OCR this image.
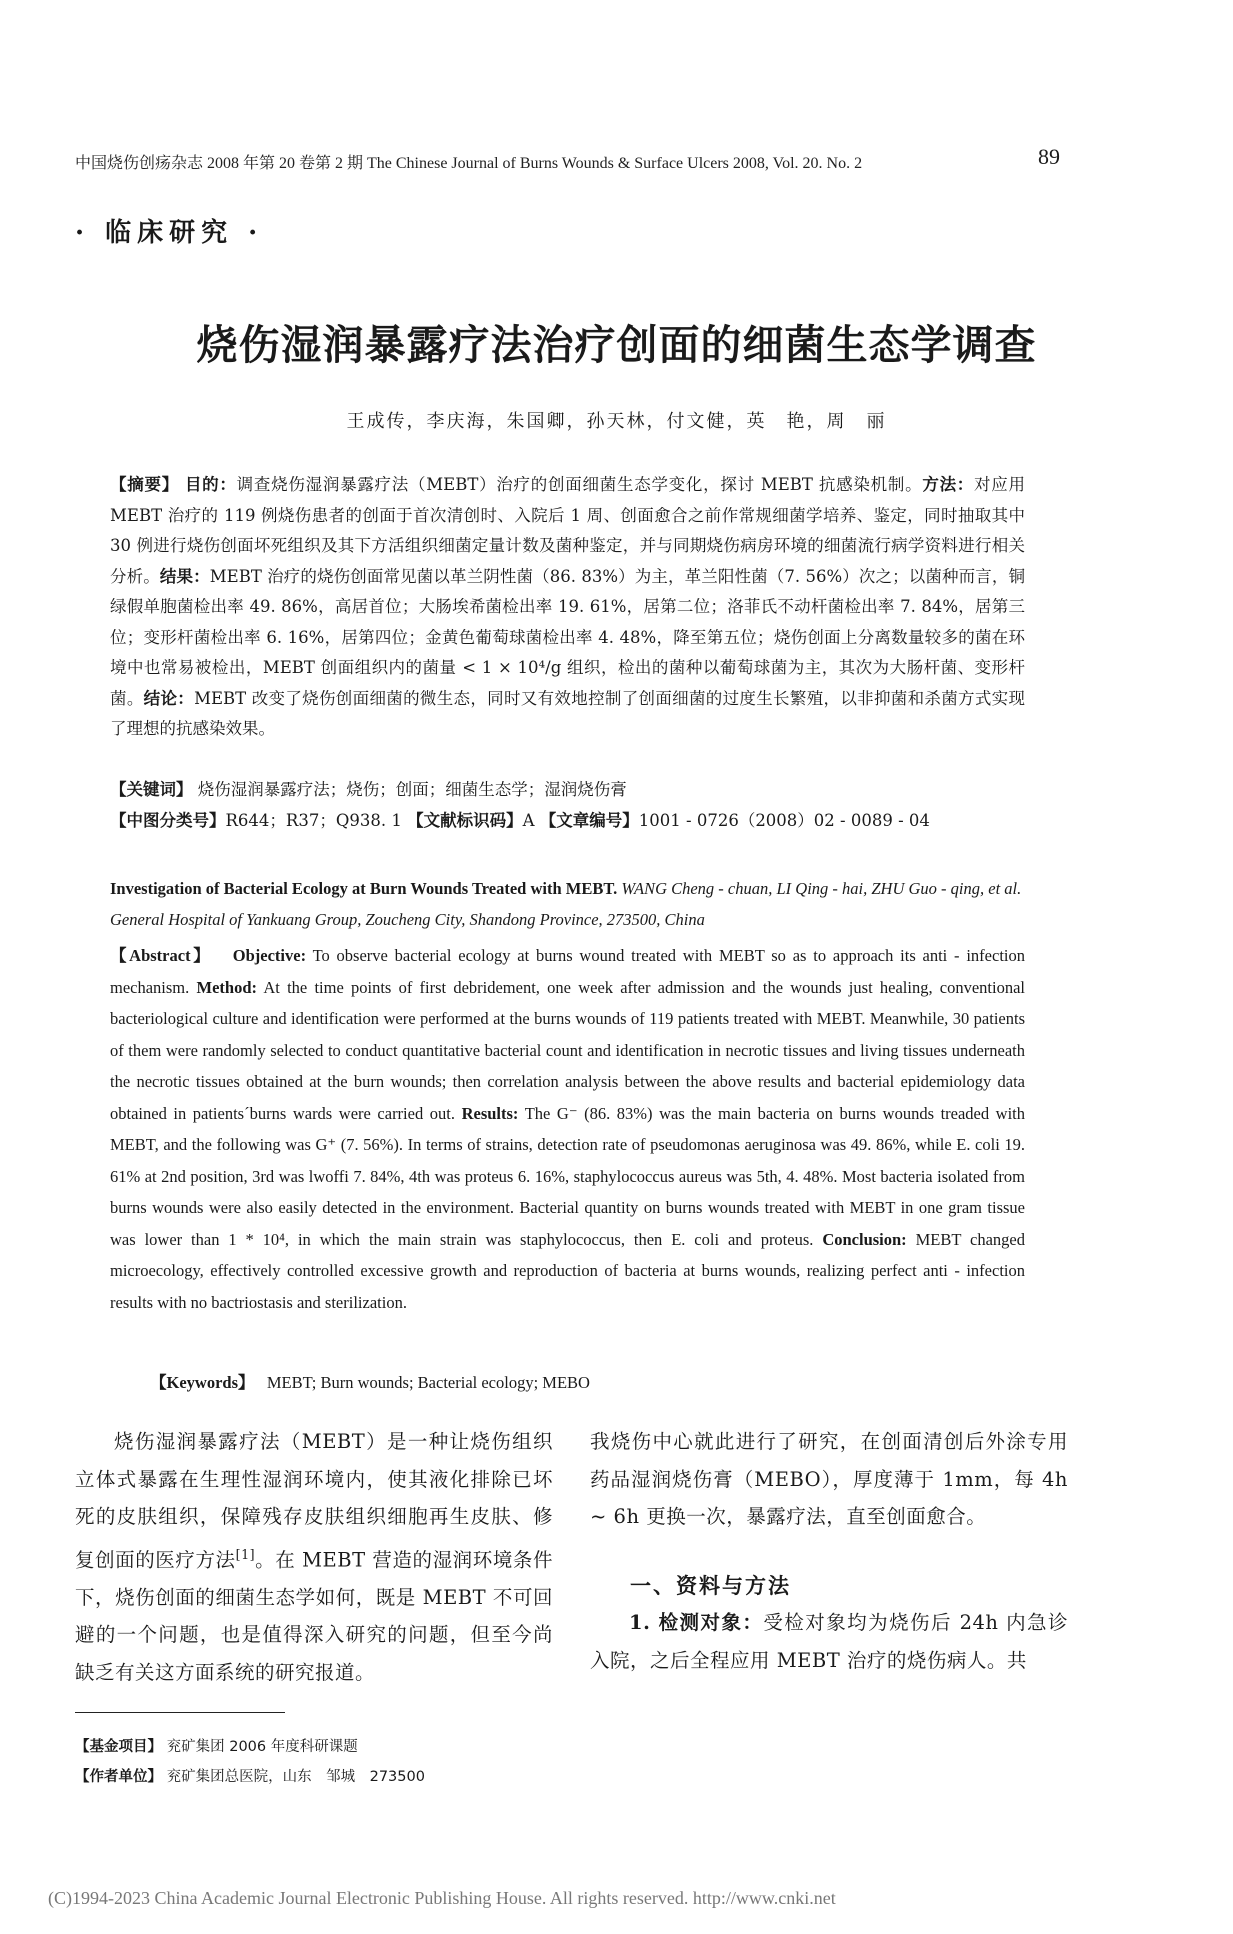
中国烧伤创疡杂志 2008 年第 20 卷第 2 期 The Chinese Journal of Burns Wounds & Surface Ulcers 2008, Vol. 20. No. 2	89
· 临床研究 ·
烧伤湿润暴露疗法治疗创面的细菌生态学调查
王成传，李庆海，朱国卿，孙天林，付文健，英　艳，周　丽
【摘要】 目的：调查烧伤湿润暴露疗法（MEBT）治疗的创面细菌生态学变化，探讨 MEBT 抗感染机制。方法：对应用 MEBT 治疗的 119 例烧伤患者的创面于首次清创时、入院后 1 周、创面愈合之前作常规细菌学培养、鉴定，同时抽取其中 30 例进行烧伤创面坏死组织及其下方活组织细菌定量计数及菌种鉴定，并与同期烧伤病房环境的细菌流行病学资料进行相关分析。结果：MEBT 治疗的烧伤创面常见菌以革兰阴性菌（86. 83%）为主，革兰阳性菌（7. 56%）次之；以菌种而言，铜绿假单胞菌检出率 49. 86%，高居首位；大肠埃希菌检出率 19. 61%，居第二位；洛菲氏不动杆菌检出率 7. 84%，居第三位；变形杆菌检出率 6. 16%，居第四位；金黄色葡萄球菌检出率 4. 48%，降至第五位；烧伤创面上分离数量较多的菌在环境中也常易被检出，MEBT 创面组织内的菌量 < 1 × 10⁴/g 组织，检出的菌种以葡萄球菌为主，其次为大肠杆菌、变形杆菌。结论：MEBT 改变了烧伤创面细菌的微生态，同时又有效地控制了创面细菌的过度生长繁殖，以非抑菌和杀菌方式实现了理想的抗感染效果。
【关键词】 烧伤湿润暴露疗法；烧伤；创面；细菌生态学；湿润烧伤膏
【中图分类号】R644；R37；Q938. 1 【文献标识码】A 【文章编号】1001 - 0726（2008）02 - 0089 - 04
Investigation of Bacterial Ecology at Burn Wounds Treated with MEBT. WANG Cheng - chuan, LI Qing - hai, ZHU Guo - qing, et al. General Hospital of Yankuang Group, Zoucheng City, Shandong Province, 273500, China
【Abstract】 Objective: To observe bacterial ecology at burns wound treated with MEBT so as to approach its anti - infection mechanism. Method: At the time points of first debridement, one week after admission and the wounds just healing, conventional bacteriological culture and identification were performed at the burns wounds of 119 patients treated with MEBT. Meanwhile, 30 patients of them were randomly selected to conduct quantitative bacterial count and identification in necrotic tissues and living tissues underneath the necrotic tissues obtained at the burn wounds; then correlation analysis between the above results and bacterial epidemiology data obtained in patients´burns wards were carried out. Results: The G⁻ (86. 83%) was the main bacteria on burns wounds treaded with MEBT, and the following was G⁺ (7. 56%). In terms of strains, detection rate of pseudomonas aeruginosa was 49. 86%, while E. coli 19. 61% at 2nd position, 3rd was lwoffi 7. 84%, 4th was proteus 6. 16%, staphylococcus aureus was 5th, 4. 48%. Most bacteria isolated from burns wounds were also easily detected in the environment. Bacterial quantity on burns wounds treated with MEBT in one gram tissue was lower than 1 * 10⁴, in which the main strain was staphylococcus, then E. coli and proteus. Conclusion: MEBT changed microecology, effectively controlled excessive growth and reproduction of bacteria at burns wounds, realizing perfect anti - infection results with no bactriostasis and sterilization.
【Keywords】 MEBT; Burn wounds; Bacterial ecology; MEBO
烧伤湿润暴露疗法（MEBT）是一种让烧伤组织立体式暴露在生理性湿润环境内，使其液化排除已坏死的皮肤组织，保障残存皮肤组织细胞再生皮肤、修复创面的医疗方法[1]。在 MEBT 营造的湿润环境条件下，烧伤创面的细菌生态学如何，既是 MEBT 不可回避的一个问题，也是值得深入研究的问题，但至今尚缺乏有关这方面系统的研究报道。
我烧伤中心就此进行了研究，在创面清创后外涂专用药品湿润烧伤膏（MEBO），厚度薄于 1mm，每 4h ~ 6h 更换一次，暴露疗法，直至创面愈合。
一、资料与方法
1. 检测对象：受检对象均为烧伤后 24h 内急诊入院，之后全程应用 MEBT 治疗的烧伤病人。共
【基金项目】 兖矿集团 2006 年度科研课题
【作者单位】 兖矿集团总医院，山东　邹城　273500
(C)1994-2023 China Academic Journal Electronic Publishing House. All rights reserved. http://www.cnki.net
